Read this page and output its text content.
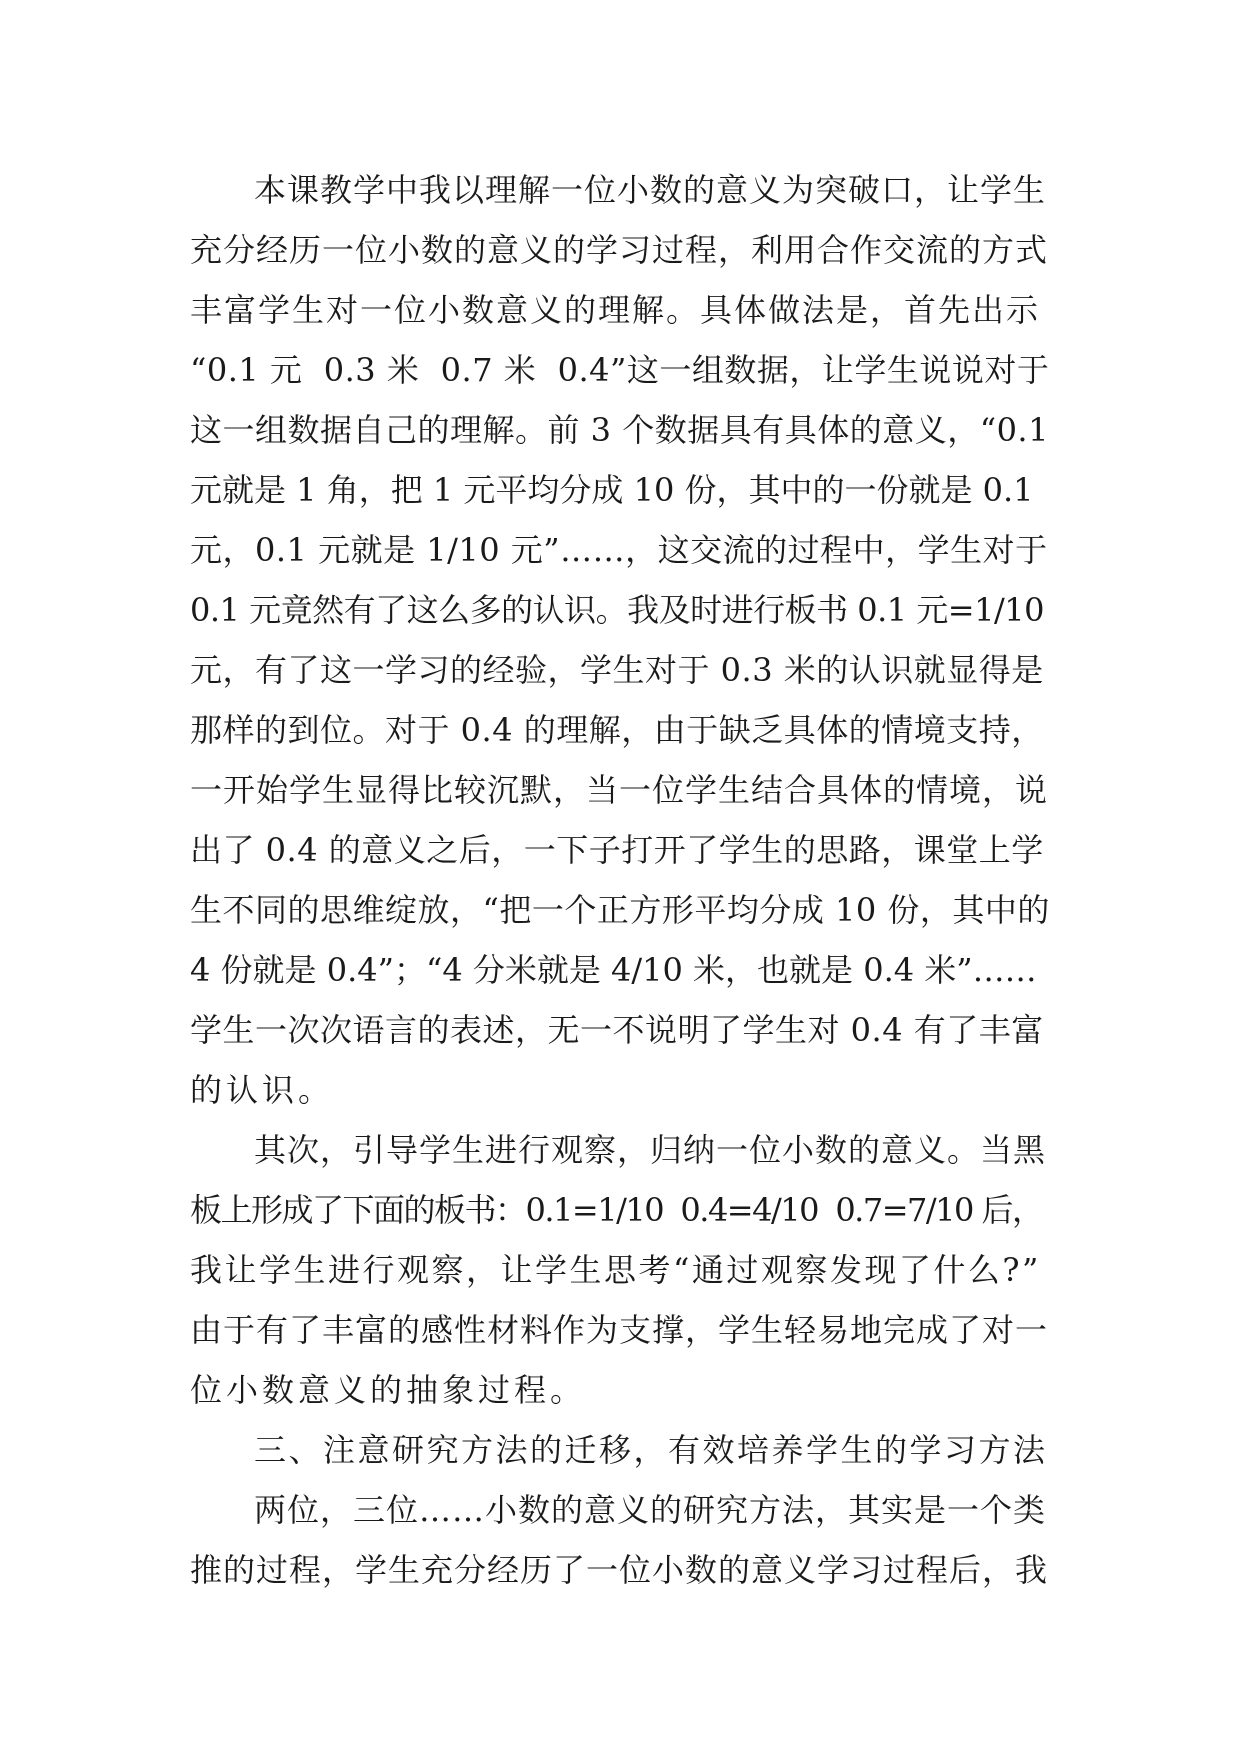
本课教学中我以理解一位小数的意义为突破口，让学生
充分经历一位小数的意义的学习过程，利用合作交流的方式
丰富学生对一位小数意义的理解。具体做法是，首先出示
“0.1 元  0.3 米  0.7 米  0.4”这一组数据，让学生说说对于
这一组数据自己的理解。前 3 个数据具有具体的意义，“0.1
元就是 1 角，把 1 元平均分成 10 份，其中的一份就是 0.1
元，0.1 元就是 1/10 元”……，这交流的过程中，学生对于
0.1 元竟然有了这么多的认识。我及时进行板书 0.1 元=1/10
元，有了这一学习的经验，学生对于 0.3 米的认识就显得是
那样的到位。对于 0.4 的理解，由于缺乏具体的情境支持，
一开始学生显得比较沉默，当一位学生结合具体的情境，说
出了 0.4 的意义之后，一下子打开了学生的思路，课堂上学
生不同的思维绽放，“把一个正方形平均分成 10 份，其中的
4 份就是 0.4”；“4 分米就是 4/10 米，也就是 0.4 米”……
学生一次次语言的表述，无一不说明了学生对 0.4 有了丰富
的认识。
其次，引导学生进行观察，归纳一位小数的意义。当黑
板上形成了下面的板书：0.1=1/10  0.4=4/10  0.7=7/10 后，
我让学生进行观察，让学生思考“通过观察发现了什么?”
由于有了丰富的感性材料作为支撑，学生轻易地完成了对一
位小数意义的抽象过程。
三、注意研究方法的迁移，有效培养学生的学习方法
两位，三位……小数的意义的研究方法，其实是一个类
推的过程，学生充分经历了一位小数的意义学习过程后，我
